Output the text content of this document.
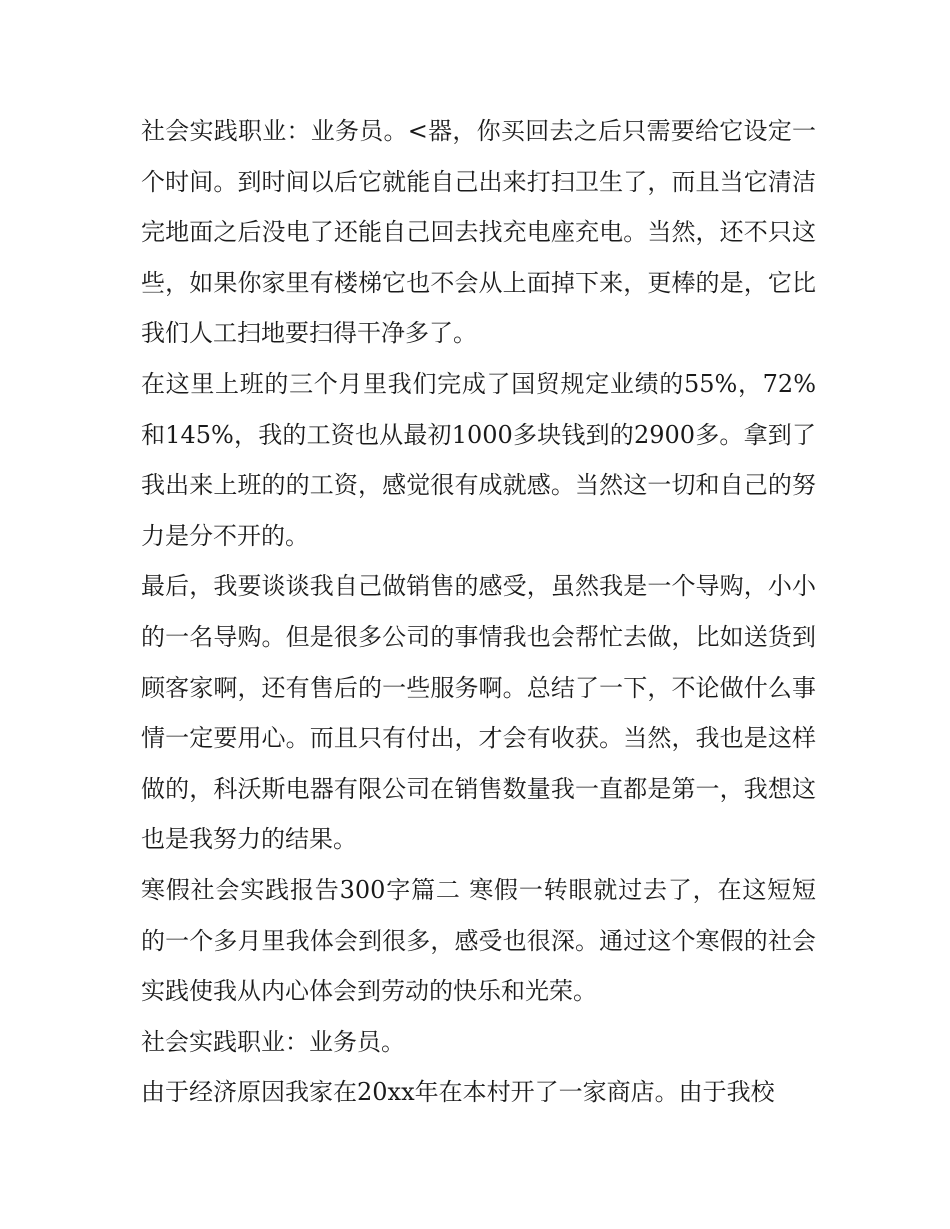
社会实践职业：业务员。<器，你买回去之后只需要给它设定一个时间。到时间以后它就能自己出来打扫卫生了，而且当它清洁完地面之后没电了还能自己回去找充电座充电。当然，还不只这些，如果你家里有楼梯它也不会从上面掉下来，更棒的是，它比我们人工扫地要扫得干净多了。

在这里上班的三个月里我们完成了国贸规定业绩的55%，72%和145%，我的工资也从最初1000多块钱到的2900多。拿到了我出来上班的的工资，感觉很有成就感。当然这一切和自己的努力是分不开的。

最后，我要谈谈我自己做销售的感受，虽然我是一个导购，小小的一名导购。但是很多公司的事情我也会帮忙去做，比如送货到顾客家啊，还有售后的一些服务啊。总结了一下，不论做什么事情一定要用心。而且只有付出，才会有收获。当然，我也是这样做的，科沃斯电器有限公司在销售数量我一直都是第一，我想这也是我努力的结果。

寒假社会实践报告300字篇二 寒假一转眼就过去了，在这短短的一个多月里我体会到很多，感受也很深。通过这个寒假的社会实践使我从内心体会到劳动的快乐和光荣。

社会实践职业：业务员。

由于经济原因我家在20xx年在本村开了一家商店。由于我校
